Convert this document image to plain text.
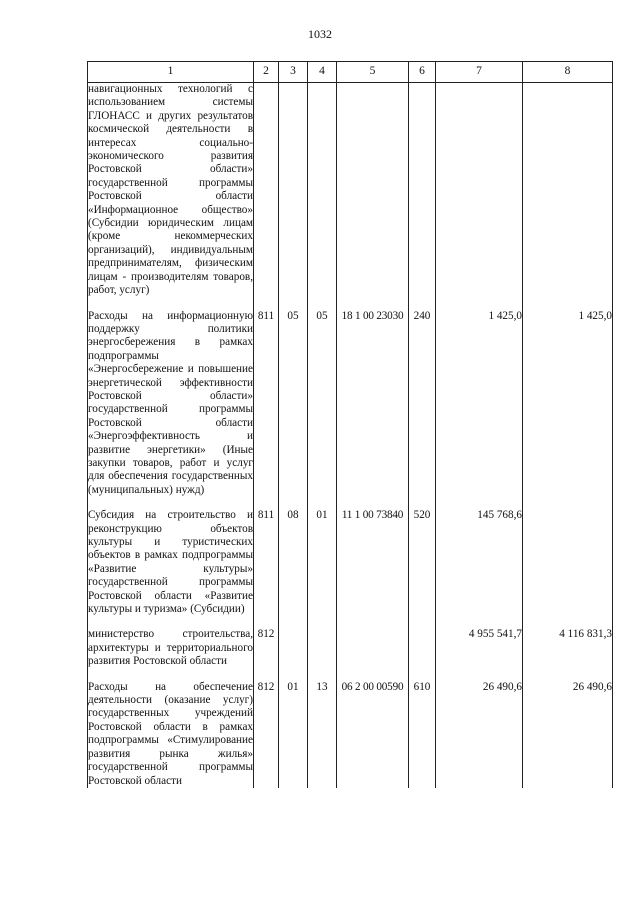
1032
1	2	3	4	5	6	7	8
навигационных технологий с использованием системы ГЛОНАСС и других результатов космической деятельности в интересах социально-экономического развития Ростовской области» государственной программы Ростовской области «Информационное общество» (Субсидии юридическим лицам (кроме некоммерческих организаций), индивидуальным предпринимателям, физическим лицам - производителям товаров, работ, услуг)							

Расходы на информационную поддержку политики энергосбережения в рамках подпрограммы «Энергосбережение и повышение энергетической эффективности Ростовской области» государственной программы Ростовской области «Энергоэффективность и развитие энергетики» (Иные закупки товаров, работ и услуг для обеспечения государственных (муниципальных) нужд)	811	05	05	18 1 00 23030	240	1 425,0	1 425,0

Субсидия на строительство и реконструкцию объектов культуры и туристических объектов в рамках подпрограммы «Развитие культуры» государственной программы Ростовской области «Развитие культуры и туризма» (Субсидии)	811	08	01	11 1 00 73840	520	145 768,6	

министерство строительства, архитектуры и территориального развития Ростовской области	812					4 955 541,7	4 116 831,3

Расходы на обеспечение деятельности (оказание услуг) государственных учреждений Ростовской области в рамках подпрограммы «Стимулирование развития рынка жилья» государственной программы Ростовской области	812	01	13	06 2 00 00590	610	26 490,6	26 490,6
